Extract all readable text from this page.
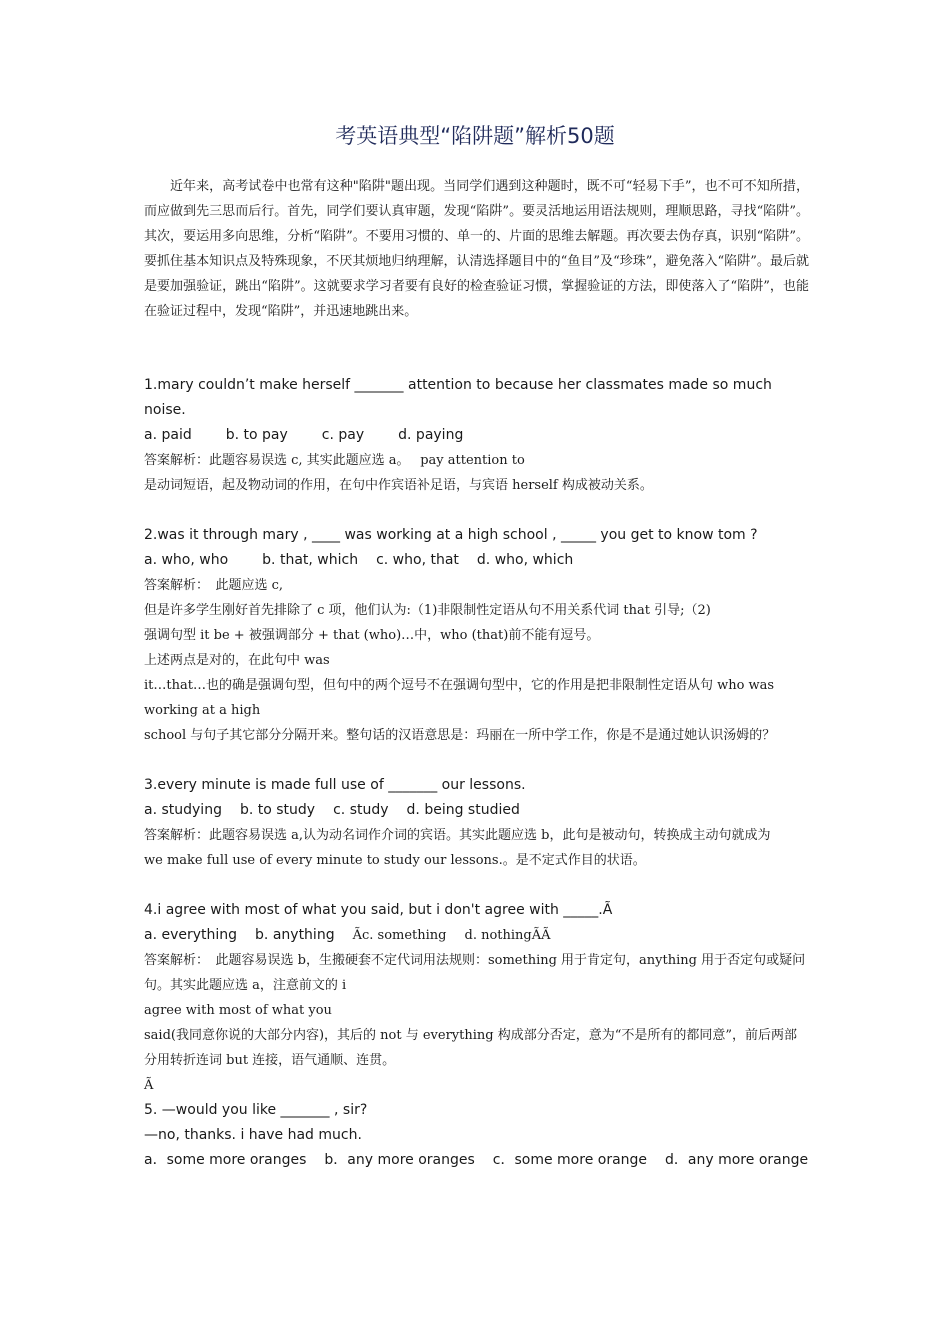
考英语典型“陷阱题”解析50题

近年来，高考试卷中也常有这种"陷阱"题出现。当同学们遇到这种题时，既不可“轻易下手”，也不可不知所措，而应做到先三思而后行。首先，同学们要认真审题，发现“陷阱”。要灵活地运用语法规则，理顺思路，寻找“陷阱”。其次，要运用多向思维，分析“陷阱”。不要用习惯的、单一的、片面的思维去解题。再次要去伪存真，识别“陷阱”。要抓住基本知识点及特殊现象，不厌其烦地归纳理解，认清选择题目中的“鱼目”及“珍珠”，避免落入“陷阱”。最后就是要加强验证，跳出“陷阱”。这就要求学习者要有良好的检查验证习惯，掌握验证的方法，即使落入了“陷阱”，也能在验证过程中，发现“陷阱”，并迅速地跳出来。

1.mary couldn’t make herself _______ attention to because her classmates made so much noise.

a. paid b. to pay c. pay d. paying

答案解析：此题容易误选 c, 其实此题应选 a。　 pay attention to

是动词短语，起及物动词的作用，在句中作宾语补足语，与宾语 herself 构成被动关系。

2.was it through mary , ____ was working at a high school , _____ you get to know tom ?

a. who, who b. that, which c. who, that d. who, which

答案解析：　此题应选 c,

但是许多学生刚好首先排除了 c 项，他们认为:（1)非限制性定语从句不用关系代词 that 引导;（2)

强调句型 it be + 被强调部分 + that (who)…中，who (that)前不能有逗号。

上述两点是对的，在此句中 was

it…that…也的确是强调句型，但句中的两个逗号不在强调句型中，它的作用是把非限制性定语从句 who was working at a high

school 与句子其它部分分隔开来。整句话的汉语意思是：玛丽在一所中学工作，你是不是通过她认识汤姆的？

3.every minute is made full use of _______ our lessons.

a. studying b. to study c. study d. being studied

答案解析：此题容易误选 a,认为动名词作介词的宾语。其实此题应选 b，此句是被动句，转换成主动句就成为

we make full use of every minute to study our lessons.。是不定式作目的状语。

4.i agree with most of what you said, but i don't agree with _____.Ã

a. everything b. anything Ãc. something d. nothingÃÃ

答案解析：　此题容易误选 b，生搬硬套不定代词用法规则：something 用于肯定句，anything 用于否定句或疑问句。其实此题应选 a，注意前文的 i

agree with most of what you

said(我同意你说的大部分内容)，其后的 not 与 everything 构成部分否定，意为“不是所有的都同意”，前后两部分用转折连词 but 连接，语气通顺、连贯。

Ã

5. —would you like _______ , sir?

—no, thanks. i have had much.

a．some more oranges b．any more oranges c．some more orange d．any more orange
